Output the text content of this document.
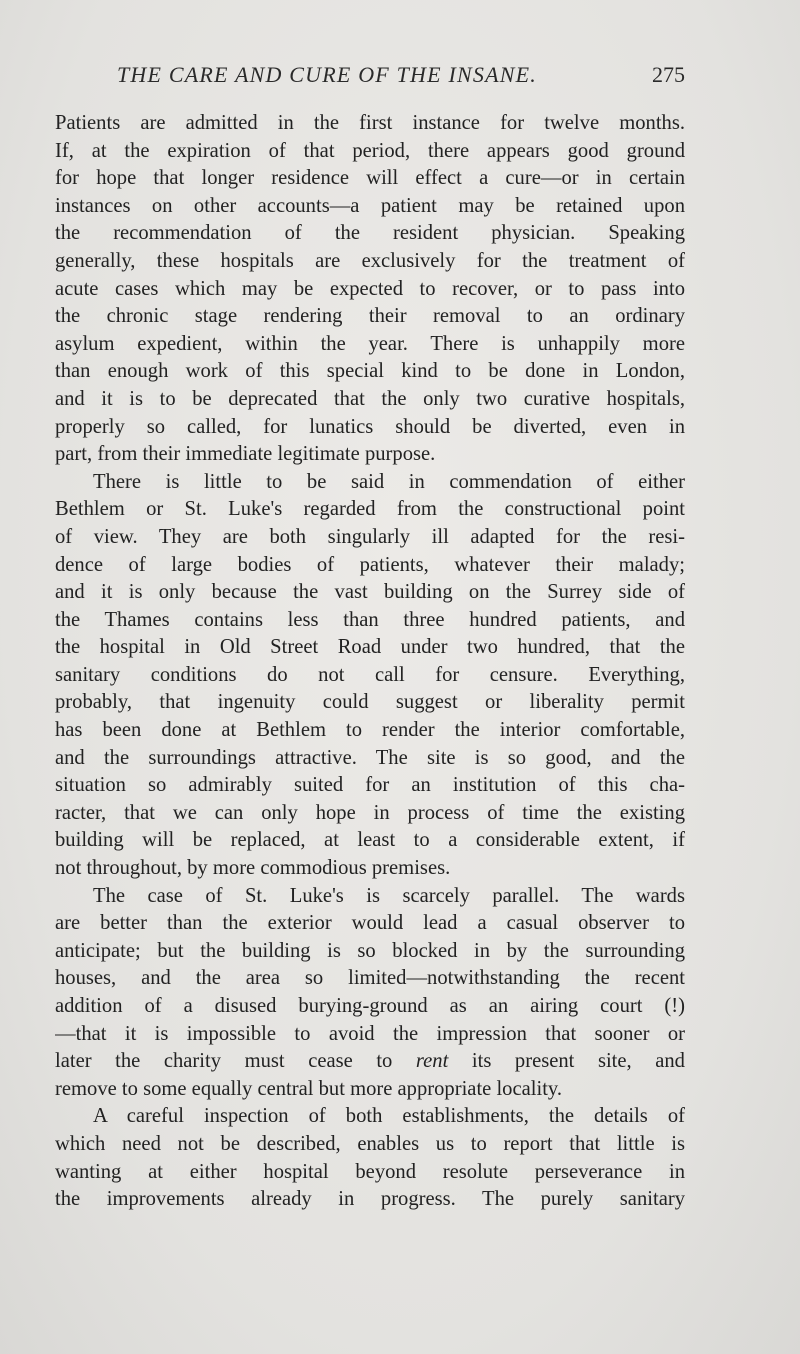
THE CARE AND CURE OF THE INSANE.	275
Patients are admitted in the first instance for twelve months.
If, at the expiration of that period, there appears good ground
for hope that longer residence will effect a cure—or in certain
instances on other accounts—a patient may be retained upon
the recommendation of the resident physician. Speaking
generally, these hospitals are exclusively for the treatment of
acute cases which may be expected to recover, or to pass into
the chronic stage rendering their removal to an ordinary
asylum expedient, within the year. There is unhappily more
than enough work of this special kind to be done in London,
and it is to be deprecated that the only two curative hospitals,
properly so called, for lunatics should be diverted, even in
part, from their immediate legitimate purpose.
There is little to be said in commendation of either
Bethlem or St. Luke's regarded from the constructional point
of view. They are both singularly ill adapted for the resi-
dence of large bodies of patients, whatever their malady;
and it is only because the vast building on the Surrey side of
the Thames contains less than three hundred patients, and
the hospital in Old Street Road under two hundred, that the
sanitary conditions do not call for censure. Everything,
probably, that ingenuity could suggest or liberality permit
has been done at Bethlem to render the interior comfortable,
and the surroundings attractive. The site is so good, and the
situation so admirably suited for an institution of this cha-
racter, that we can only hope in process of time the existing
building will be replaced, at least to a considerable extent, if
not throughout, by more commodious premises.
The case of St. Luke's is scarcely parallel. The wards
are better than the exterior would lead a casual observer to
anticipate; but the building is so blocked in by the surrounding
houses, and the area so limited—notwithstanding the recent
addition of a disused burying-ground as an airing court (!)
—that it is impossible to avoid the impression that sooner or
later the charity must cease to rent its present site, and
remove to some equally central but more appropriate locality.
A careful inspection of both establishments, the details of
which need not be described, enables us to report that little is
wanting at either hospital beyond resolute perseverance in
the improvements already in progress. The purely sanitary
